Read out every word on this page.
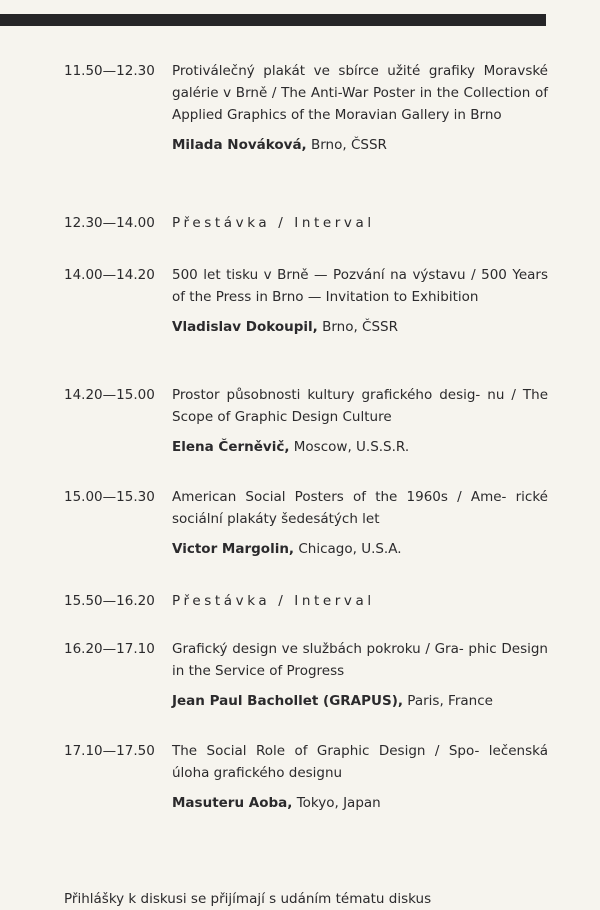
11.50—12.30	Protiválečný plakát ve sbírce užité grafiky Moravské galérie v Brně / The Anti-War Poster in the Collection of Applied Graphics of the Moravian Gallery in Brno

Milada Nováková, Brno, ČSSR
12.30—14.00	Přestávka / Interval

14.00—14.20	500 let tisku v Brně — Pozvání na výstavu / 500 Years of the Press in Brno — Invitation to Exhibition

Vladislav Dokoupil, Brno, ČSSR
14.20—15.00	Prostor působnosti kultury grafického desig- nu / The Scope of Graphic Design Culture

Elena Černěvič, Moscow, U.S.S.R.
15.00—15.30	American Social Posters of the 1960s / Ame- rické sociální plakáty šedesátých let

Victor Margolin, Chicago, U.S.A.
15.50—16.20	Přestávka / Interval

16.20—17.10	Grafický design ve službách pokroku / Gra- phic Design in the Service of Progress

Jean Paul Bachollet (GRAPUS), Paris, France
17.10—17.50	The Social Role of Graphic Design / Spo- lečenská úloha grafického designu

Masuteru Aoba, Tokyo, Japan
Přihlášky k diskusi se přijímají s udáním tématu diskus
